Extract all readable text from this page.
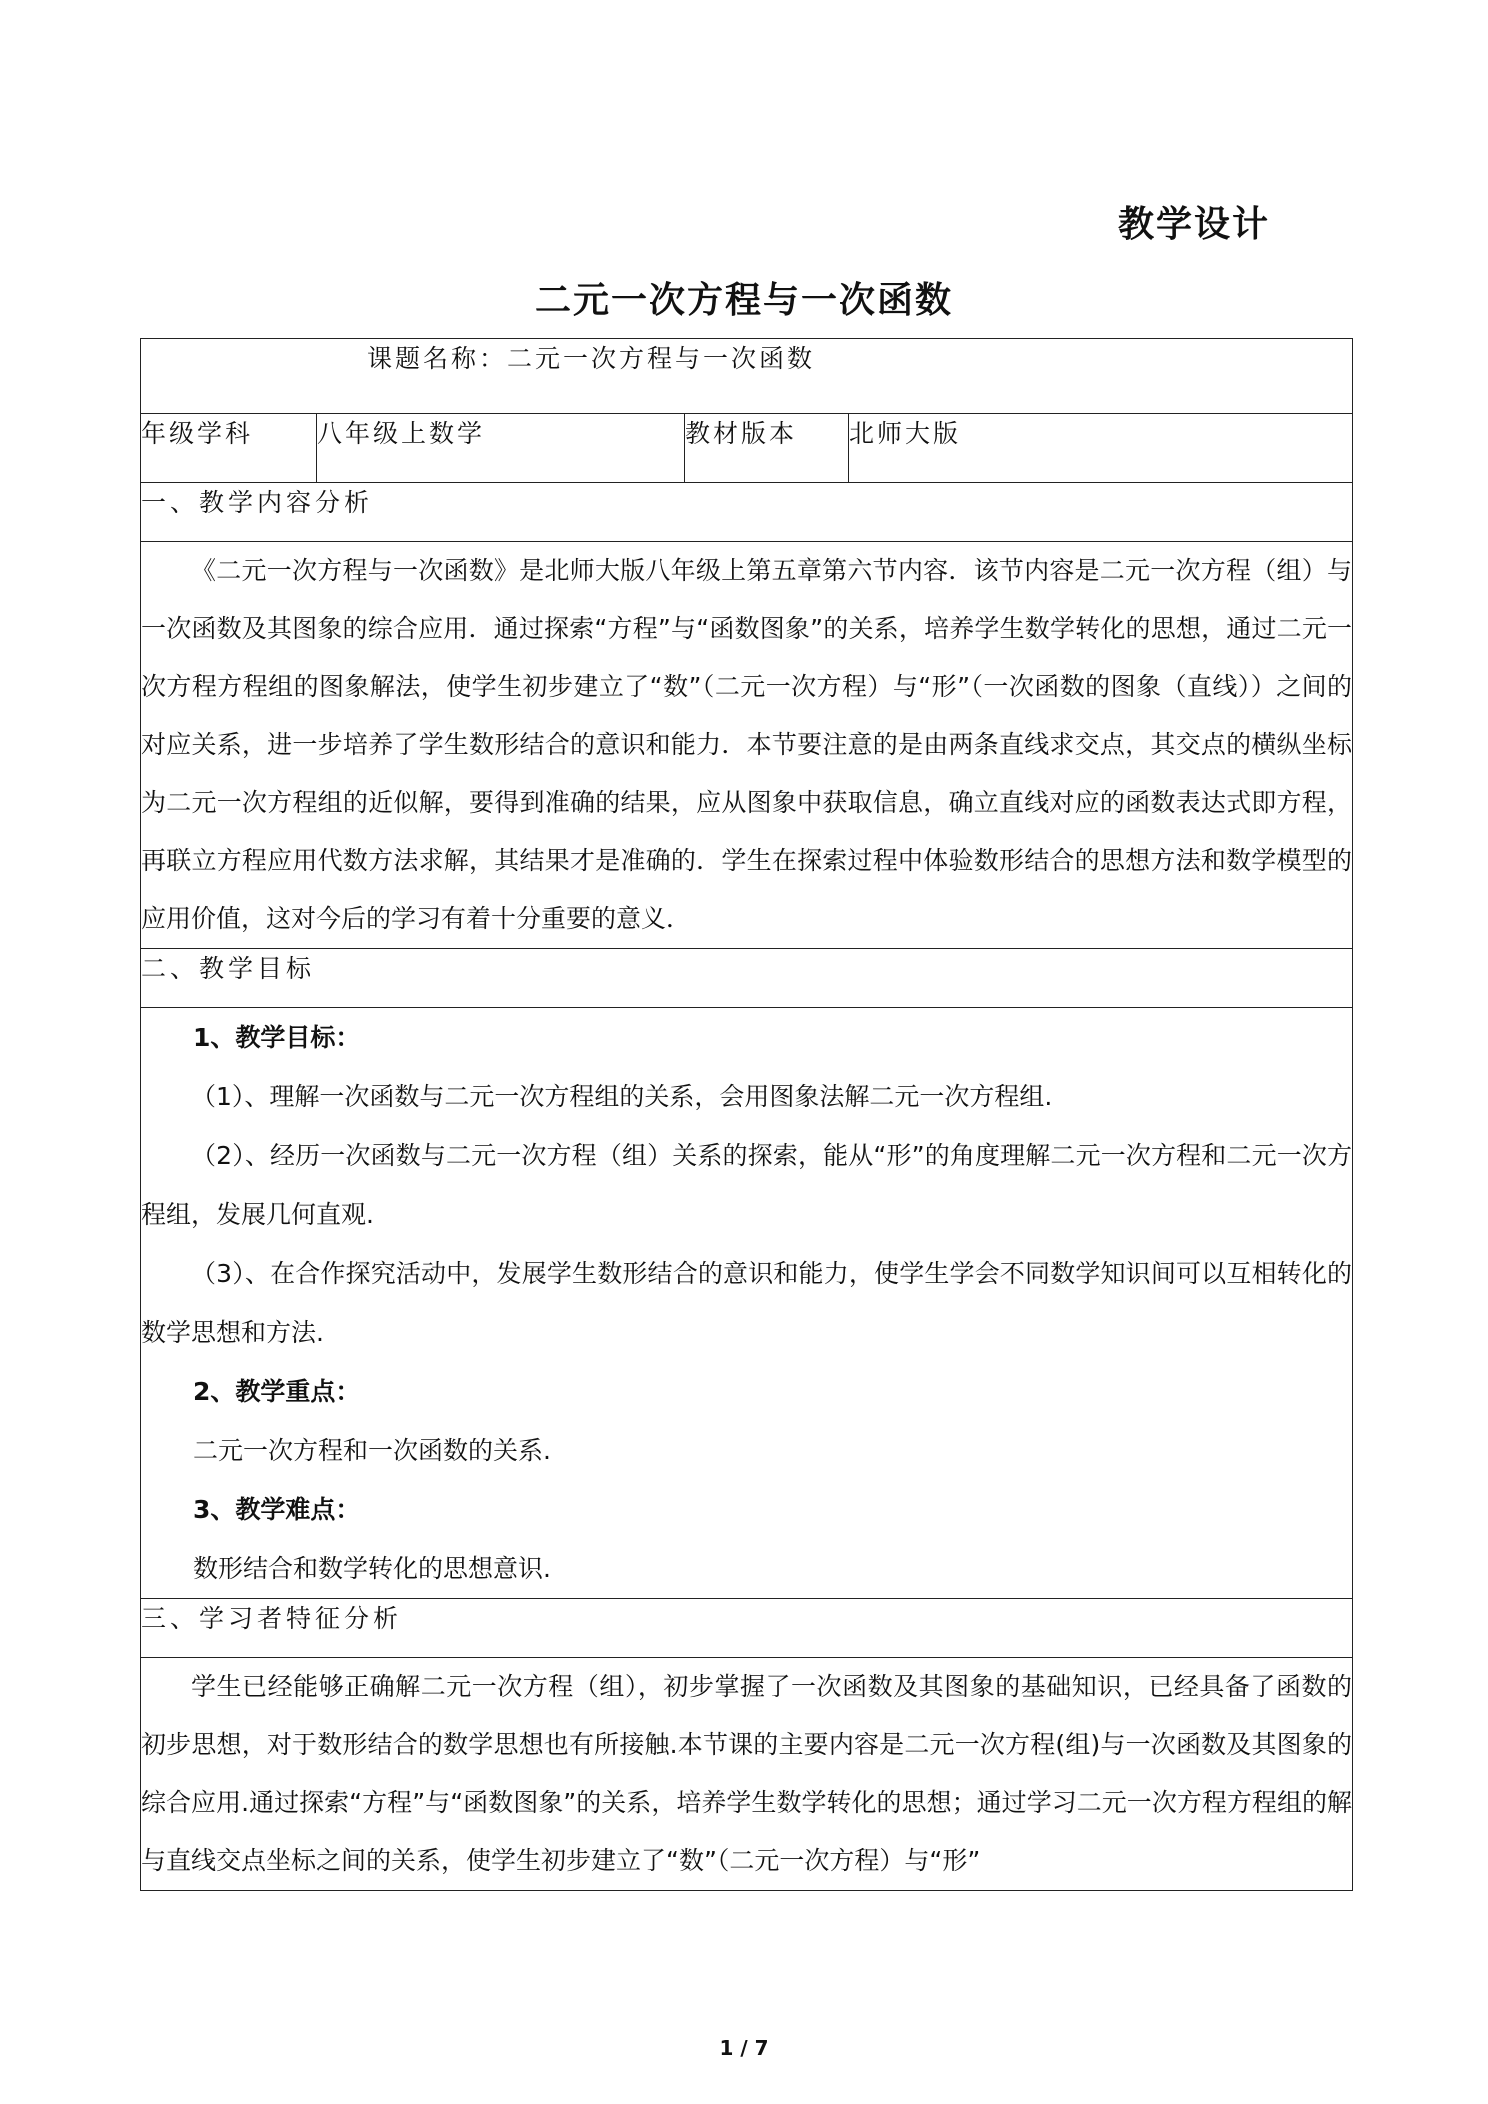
教学设计
二元一次方程与一次函数
课题名称：二元一次方程与一次函数

年级学科	八年级上数学	教材版本	北师大版
一、教学内容分析

《二元一次方程与一次函数》是北师大版八年级上第五章第六节内容．该节内容是二元一次方程（组）与一次函数及其图象的综合应用．通过探索“方程”与“函数图象”的关系，培养学生数学转化的思想，通过二元一次方程方程组的图象解法，使学生初步建立了“数”（二元一次方程）与“形”（一次函数的图象（直线））之间的对应关系，进一步培养了学生数形结合的意识和能力．本节要注意的是由两条直线求交点，其交点的横纵坐标为二元一次方程组的近似解，要得到准确的结果，应从图象中获取信息，确立直线对应的函数表达式即方程，再联立方程应用代数方法求解，其结果才是准确的．学生在探索过程中体验数形结合的思想方法和数学模型的应用价值，这对今后的学习有着十分重要的意义．

二、教学目标

1、教学目标：

（1）、理解一次函数与二元一次方程组的关系，会用图象法解二元一次方程组.

（2）、经历一次函数与二元一次方程（组）关系的探索，能从“形”的角度理解二元一次方程和二元一次方程组，发展几何直观.

（3）、在合作探究活动中，发展学生数形结合的意识和能力，使学生学会不同数学知识间可以互相转化的数学思想和方法.

2、教学重点：

二元一次方程和一次函数的关系.

3、教学难点：

数形结合和数学转化的思想意识.

三、学习者特征分析

学生已经能够正确解二元一次方程（组），初步掌握了一次函数及其图象的基础知识，已经具备了函数的初步思想，对于数形结合的数学思想也有所接触.本节课的主要内容是二元一次方程(组)与一次函数及其图象的综合应用.通过探索“方程”与“函数图象”的关系，培养学生数学转化的思想；通过学习二元一次方程方程组的解与直线交点坐标之间的关系，使学生初步建立了“数”（二元一次方程）与“形”

1 / 7
